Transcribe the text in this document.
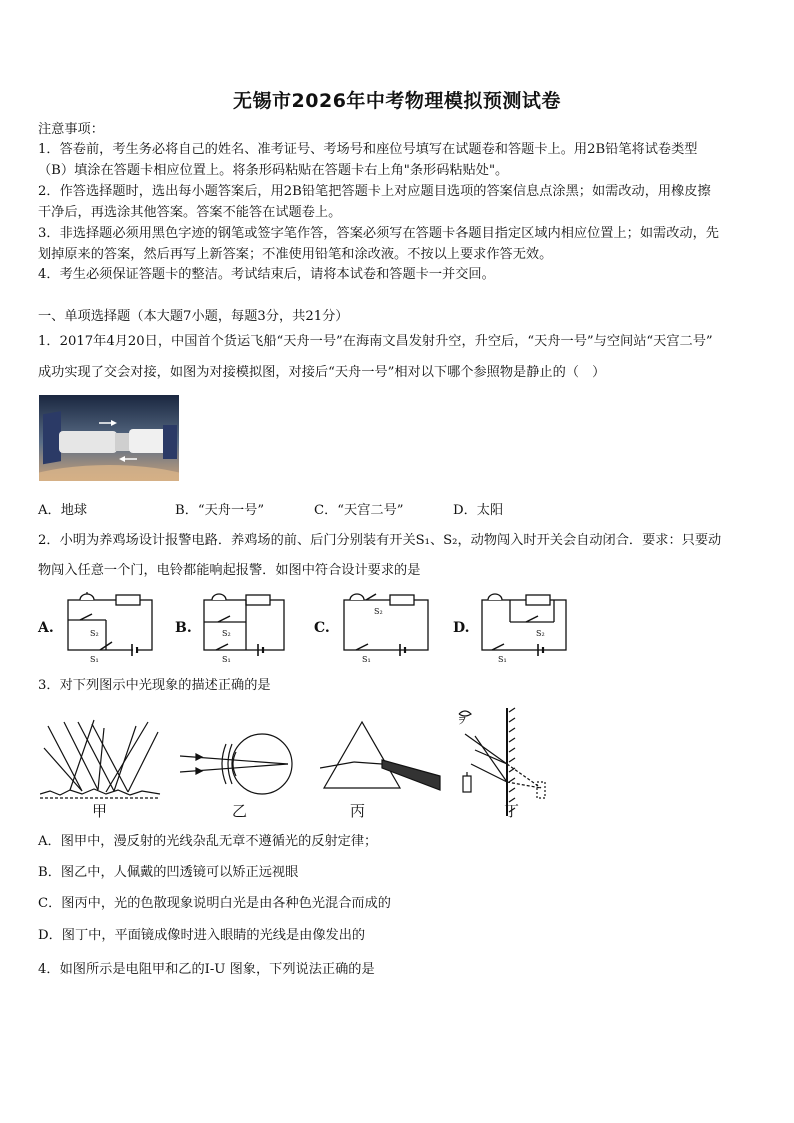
无锡市2026年中考物理模拟预测试卷
注意事项：
1．答卷前，考生务必将自己的姓名、准考证号、考场号和座位号填写在试题卷和答题卡上。用2B铅笔将试卷类型
（B）填涂在答题卡相应位置上。将条形码粘贴在答题卡右上角"条形码粘贴处"。
2．作答选择题时，选出每小题答案后，用2B铅笔把答题卡上对应题目选项的答案信息点涂黑；如需改动，用橡皮擦
干净后，再选涂其他答案。答案不能答在试题卷上。
3．非选择题必须用黑色字迹的钢笔或签字笔作答，答案必须写在答题卡各题目指定区域内相应位置上；如需改动，先
划掉原来的答案，然后再写上新答案；不准使用铅笔和涂改液。不按以上要求作答无效。
4．考生必须保证答题卡的整洁。考试结束后，请将本试卷和答题卡一并交回。
一、单项选择题（本大题7小题，每题3分，共21分）
1．2017年4月20日，中国首个货运飞船“天舟一号”在海南文昌发射升空，升空后，“天舟一号”与空间站“天宫二号”
成功实现了交会对接，如图为对接模拟图，对接后“天舟一号”相对以下哪个参照物是静止的（　）
A．地球	B．“天舟一号”	C．“天宫二号”	D．太阳
2．小明为养鸡场设计报警电路．养鸡场的前、后门分别装有开关S₁、S₂，动物闯入时开关会自动闭合．要求：只要动
物闯入任意一个门，电铃都能响起报警．如图中符合设计要求的是
A.	B.	C.	D.
S₂
S₁
S₂
S₁
S₂
S₁
S₂
S₁
3．对下列图示中光现象的描述正确的是
甲	乙	丙
ヲ
丁
A．图甲中，漫反射的光线杂乱无章不遵循光的反射定律；
B．图乙中，人佩戴的凹透镜可以矫正远视眼
C．图丙中，光的色散现象说明白光是由各种色光混合而成的
D．图丁中，平面镜成像时进入眼睛的光线是由像发出的
4．如图所示是电阻甲和乙的I-U 图象，下列说法正确的是
